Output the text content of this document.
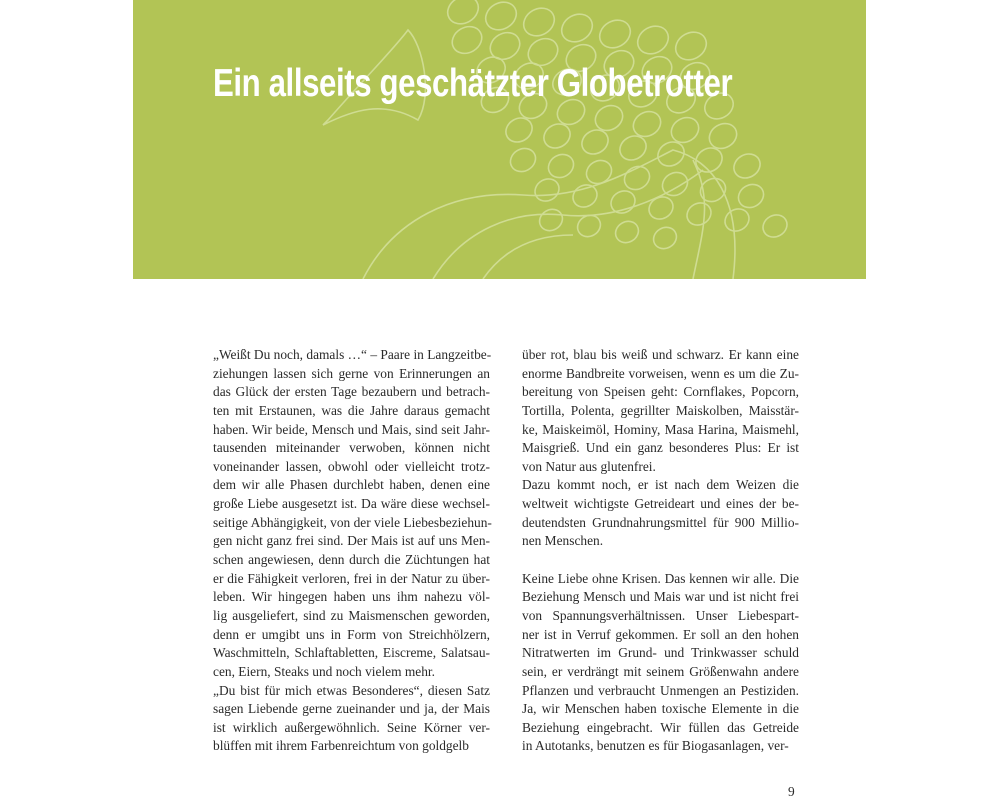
Ein allseits geschätzter Globetrotter
„Weißt Du noch, damals …“ – Paare in Langzeitbe-
ziehungen lassen sich gerne von Erinnerungen an
das Glück der ersten Tage bezaubern und betrach-
ten mit Erstaunen, was die Jahre daraus gemacht
haben. Wir beide, Mensch und Mais, sind seit Jahr-
tausenden miteinander verwoben, können nicht
voneinander lassen, obwohl oder vielleicht trotz-
dem wir alle Phasen durchlebt haben, denen eine
große Liebe ausgesetzt ist. Da wäre diese wechsel-
seitige Abhängigkeit, von der viele Liebesbeziehun-
gen nicht ganz frei sind. Der Mais ist auf uns Men-
schen angewiesen, denn durch die Züchtungen hat
er die Fähigkeit verloren, frei in der Natur zu über-
leben. Wir hingegen haben uns ihm nahezu völ-
lig ausgeliefert, sind zu Maismenschen geworden,
denn er umgibt uns in Form von Streichhölzern,
Waschmitteln, Schlaftabletten, Eiscreme, Salatsau-
cen, Eiern, Steaks und noch vielem mehr.
„Du bist für mich etwas Besonderes“, diesen Satz
sagen Liebende gerne zueinander und ja, der Mais
ist wirklich außergewöhnlich. Seine Körner ver-
blüffen mit ihrem Farbenreichtum von goldgelb
über rot, blau bis weiß und schwarz. Er kann eine
enorme Bandbreite vorweisen, wenn es um die Zu-
bereitung von Speisen geht: Cornflakes, Popcorn,
Tortilla, Polenta, gegrillter Maiskolben, Maisstär-
ke, Maiskeimöl, Hominy, Masa Harina, Maismehl,
Maisgrieß. Und ein ganz besonderes Plus: Er ist
von Natur aus glutenfrei.
Dazu kommt noch, er ist nach dem Weizen die
weltweit wichtigste Getreideart und eines der be-
deutendsten Grundnahrungsmittel für 900 Millio-
nen Menschen.
Keine Liebe ohne Krisen. Das kennen wir alle. Die
Beziehung Mensch und Mais war und ist nicht frei
von Spannungsverhältnissen. Unser Liebespart-
ner ist in Verruf gekommen. Er soll an den hohen
Nitratwerten im Grund- und Trinkwasser schuld
sein, er verdrängt mit seinem Größenwahn andere
Pflanzen und verbraucht Unmengen an Pestiziden.
Ja, wir Menschen haben toxische Elemente in die
Beziehung eingebracht. Wir füllen das Getreide
in Autotanks, benutzen es für Biogasanlagen, ver-
9
